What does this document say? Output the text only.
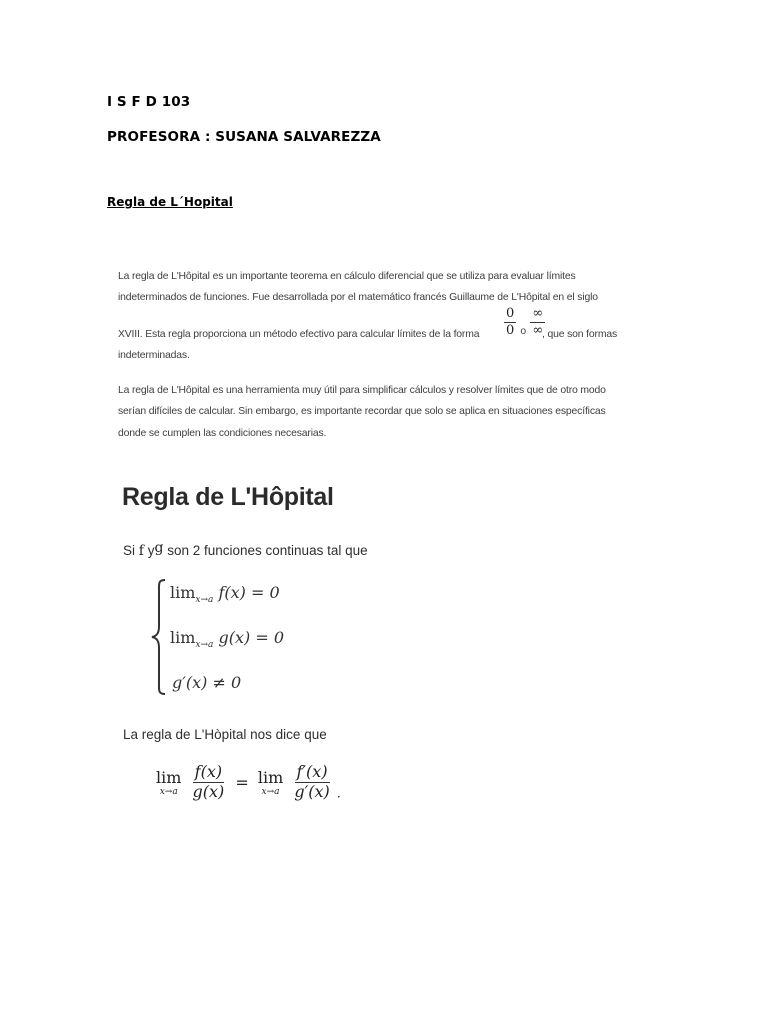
I S F D 103
PROFESORA : SUSANA SALVAREZZA
Regla de L´Hopital
La regla de L'Hôpital es un importante teorema en cálculo diferencial que se utiliza para evaluar límites
indeterminados de funciones. Fue desarrollada por el matemático francés Guillaume de L'Hôpital en el siglo
XVIII. Esta regla proporciona un método efectivo para calcular límites de la forma $\frac{0}{0} _o \frac{\infty}{\infty}$
, que son formas
indeterminadas.
La regla de L'Hôpital es una herramienta muy útil para simplificar cálculos y resolver límites que de otro modo
serían difíciles de calcular. Sin embargo, es importante recordar que solo se aplica en situaciones específicas
donde se cumplen las condiciones necesarias.
Regla de L'Hôpital
Si f yg son 2 funciones continuas tal que
$\lim_{x\to a} f(x) = 0$
$\lim_{x\to a} g(x) = 0$
g′(x) ≠ 0
La regla de L'Hòpital nos dice que
lim
x→a
$\frac{f(x)}{g(x)} = \lim$
x→a
$\frac{f'(x)}{g'(x)}$ .
